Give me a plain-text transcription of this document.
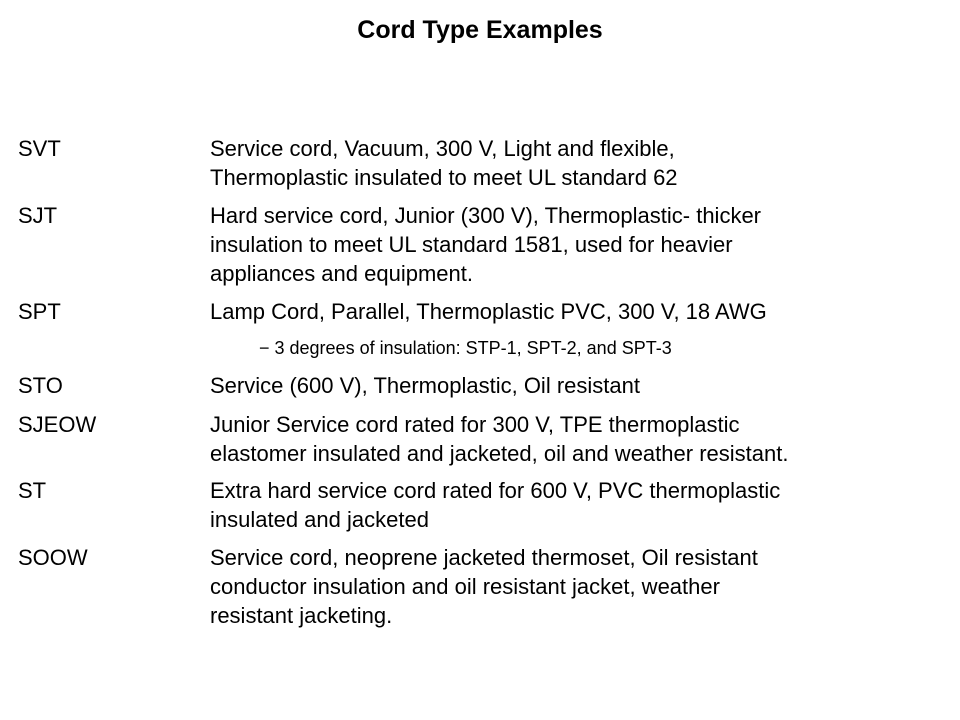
Cord Type Examples
SVT	Service cord, Vacuum, 300 V, Light and flexible,
Thermoplastic insulated to meet UL standard 62
SJT	Hard service cord, Junior (300 V), Thermoplastic- thicker
insulation to meet UL standard 1581, used for heavier
appliances and equipment.
SPT	Lamp Cord, Parallel, Thermoplastic PVC, 300 V, 18 AWG
− 3 degrees of insulation: STP-1, SPT-2, and SPT-3
STO	Service (600 V), Thermoplastic, Oil resistant
SJEOW	Junior Service cord rated for 300 V, TPE thermoplastic
elastomer insulated and jacketed, oil and weather resistant.
ST	Extra hard service cord rated for 600 V, PVC thermoplastic
insulated and jacketed
SOOW	Service cord, neoprene jacketed thermoset, Oil resistant
conductor insulation and oil resistant jacket, weather
resistant jacketing.
